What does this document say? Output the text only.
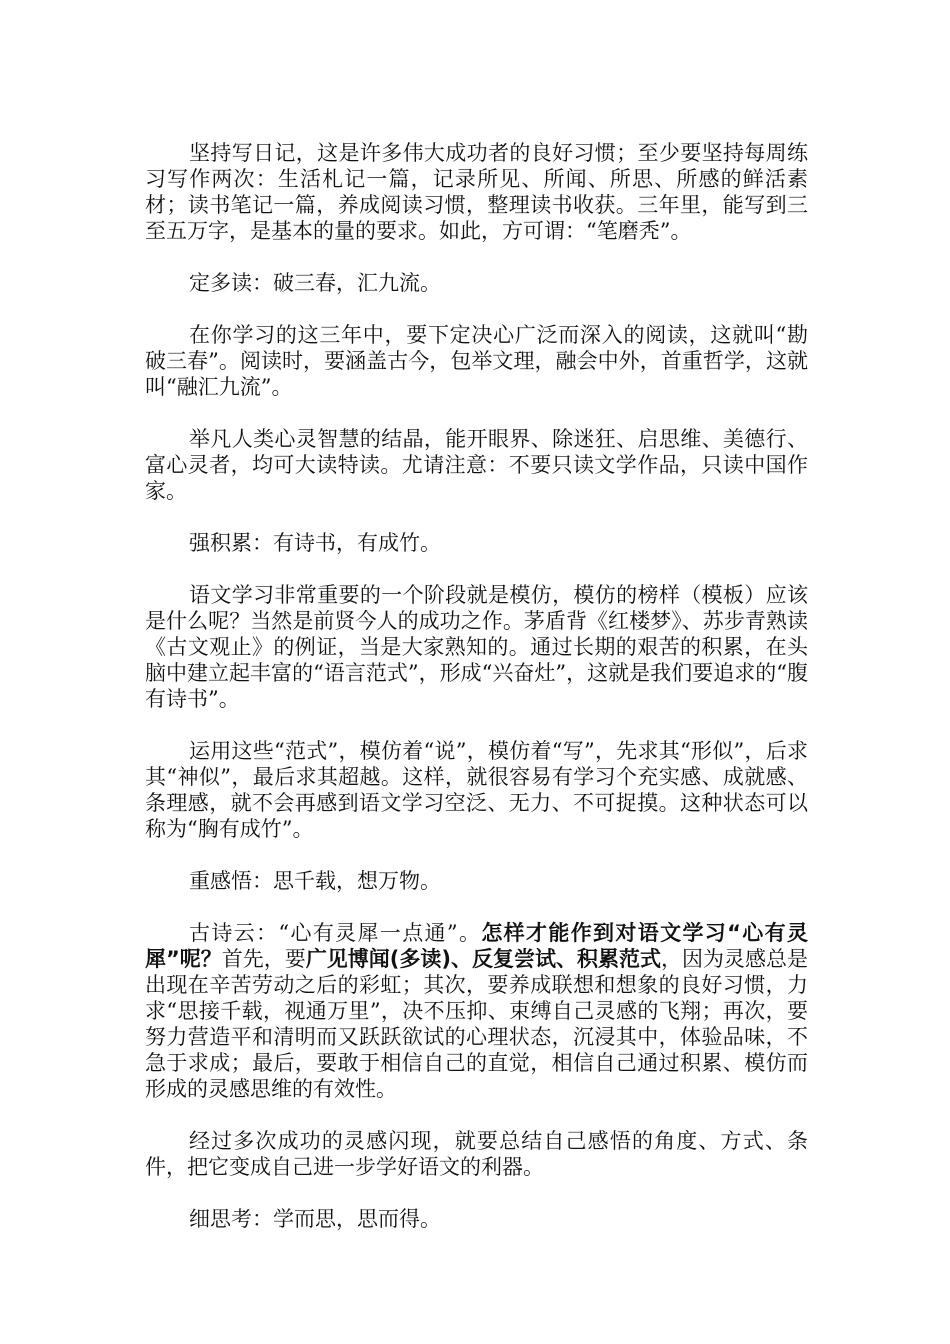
坚持写日记，这是许多伟大成功者的良好习惯；至少要坚持每周练习写作两次：生活札记一篇，记录所见、所闻、所思、所感的鲜活素材；读书笔记一篇，养成阅读习惯，整理读书收获。三年里，能写到三至五万字，是基本的量的要求。如此，方可谓：“笔磨秃”。

定多读：破三春，汇九流。

在你学习的这三年中，要下定决心广泛而深入的阅读，这就叫“勘破三春”。阅读时，要涵盖古今，包举文理，融会中外，首重哲学，这就叫“融汇九流”。

举凡人类心灵智慧的结晶，能开眼界、除迷狂、启思维、美德行、富心灵者，均可大读特读。尤请注意：不要只读文学作品，只读中国作家。

强积累：有诗书，有成竹。

语文学习非常重要的一个阶段就是模仿，模仿的榜样（模板）应该是什么呢？当然是前贤今人的成功之作。茅盾背《红楼梦》、苏步青熟读《古文观止》的例证，当是大家熟知的。通过长期的艰苦的积累，在头脑中建立起丰富的“语言范式”，形成“兴奋灶”，这就是我们要追求的“腹有诗书”。

运用这些“范式”，模仿着“说”，模仿着“写”，先求其“形似”，后求其“神似”，最后求其超越。这样，就很容易有学习个充实感、成就感、条理感，就不会再感到语文学习空泛、无力、不可捉摸。这种状态可以称为“胸有成竹”。

重感悟：思千载，想万物。

古诗云：“心有灵犀一点通”。怎样才能作到对语文学习“心有灵犀”呢？首先，要广见博闻(多读)、反复尝试、积累范式，因为灵感总是出现在辛苦劳动之后的彩虹；其次，要养成联想和想象的良好习惯，力求“思接千载，视通万里”，决不压抑、束缚自己灵感的飞翔；再次，要努力营造平和清明而又跃跃欲试的心理状态，沉浸其中，体验品味，不急于求成；最后，要敢于相信自己的直觉，相信自己通过积累、模仿而形成的灵感思维的有效性。

经过多次成功的灵感闪现，就要总结自己感悟的角度、方式、条件，把它变成自己进一步学好语文的利器。

细思考：学而思，思而得。
